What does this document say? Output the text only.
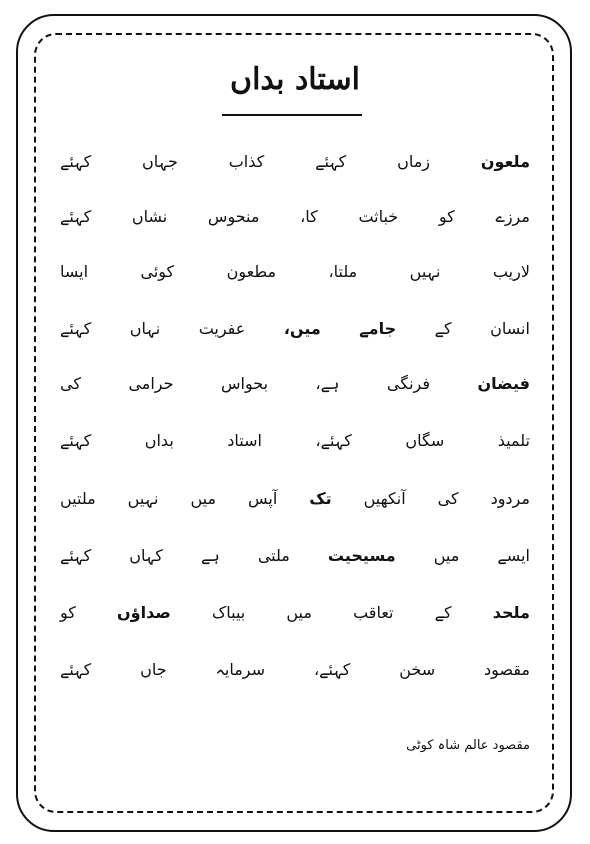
استاد بداں
ملعون
زماں
کہئے
کذاب
جہاں
کہئے
مرزے
کو
خباثت
کا،
منحوس
نشاں
کہئے
لاریب
نہیں
ملتا،
مطعون
کوئی
ایسا
انسان
کے
جامے
میں،
عفریت
نہاں
کہئے
فیضان
فرنگی
ہے،
بحواس
حرامی
کی
تلمیذ
سگاں
کہئے،
استاد
بداں
کہئے
مردود
کی
آنکھیں
تک
آپس
میں
نہیں
ملتیں
ایسے
میں
مسیحیت
ملتی
ہے
کہاں
کہئے
ملحد
کے
تعاقب
میں
بیباک
صداؤں
کو
مقصود
سخن
کہئے،
سرمایہ
جاں
کہئے
مقصود عالم شاہ کوٹی
